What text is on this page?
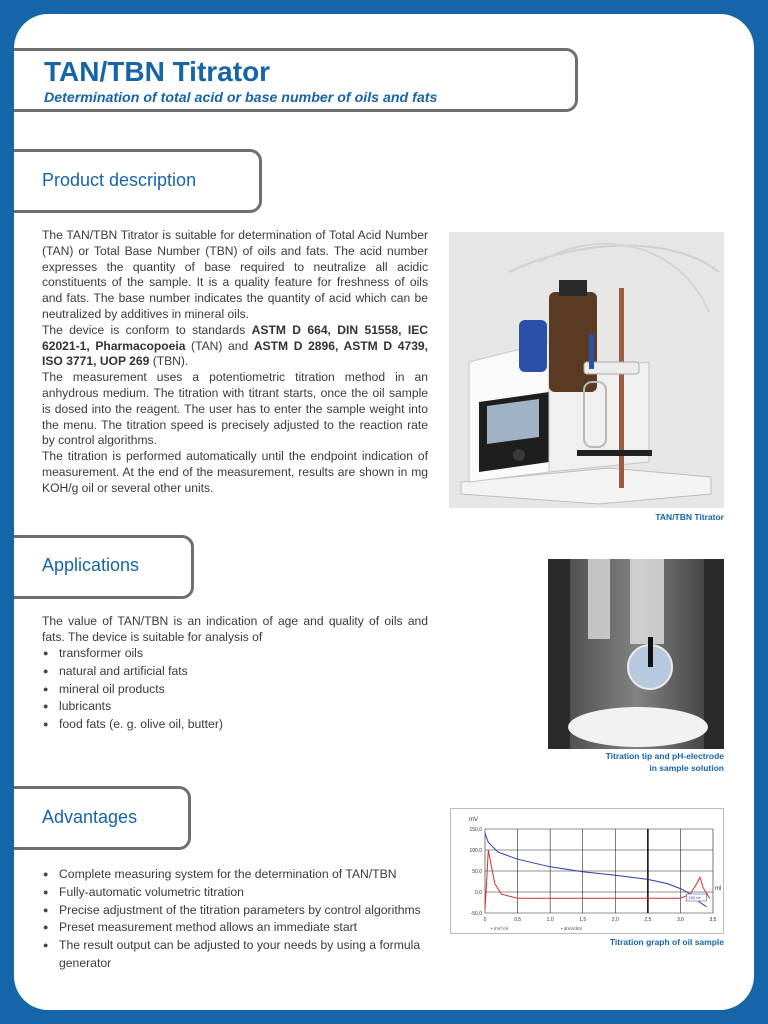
TAN/TBN Titrator
Determination of total acid or base number of oils and fats
Product description
The TAN/TBN Titrator is suitable for determination of Total Acid Number (TAN) or Total Base Number (TBN) of oils and fats. The acid number expresses the quantity of base required to neutralize all acidic constituents of the sample. It is a quality feature for freshness of oils and fats. The base number indicates the quantity of acid which can be neutralized by additives in mineral oils.
The device is conform to standards ASTM D 664, DIN 51558, IEC 62021-1, Pharmacopoeia (TAN) and ASTM D 2896, ASTM D 4739, ISO 3771, UOP 269 (TBN).
The measurement uses a potentiometric titration method in an anhydrous medium. The titration with titrant starts, once the oil sample is dosed into the reagent. The user has to enter the sample weight into the menu. The titration speed is precisely adjusted to the reaction rate by control algorithms.
The titration is performed automatically until the endpoint indication of measurement. At the end of the measurement, results are shown in mg KOH/g oil or several other units.
TAN/TBN Titrator
Applications
The value of TAN/TBN is an indication of age and quality of oils and fats. The device is suitable for analysis of
● transformer oils
● natural and artificial fats
● mineral oil products
● lubricants
● food fats (e. g. olive oil, butter)
Titration tip and pH-electrode
in sample solution
Advantages
● Complete measuring system for the determination of TAN/TBN
● Fully-automatic volumetric titration
● Precise adjustment of the titration parameters by control algorithms
● Preset measurement method allows an immediate start
● The result output can be adjusted to your needs by using a formula generator
0	0,5	1,0	1,5	2,0	2,5	3,0	3,5
150,0
100,0
50,0
0,0
-50,0
mV
ml
• mV/ ml	• dmV/dml
150 ml
Titration graph of oil sample
